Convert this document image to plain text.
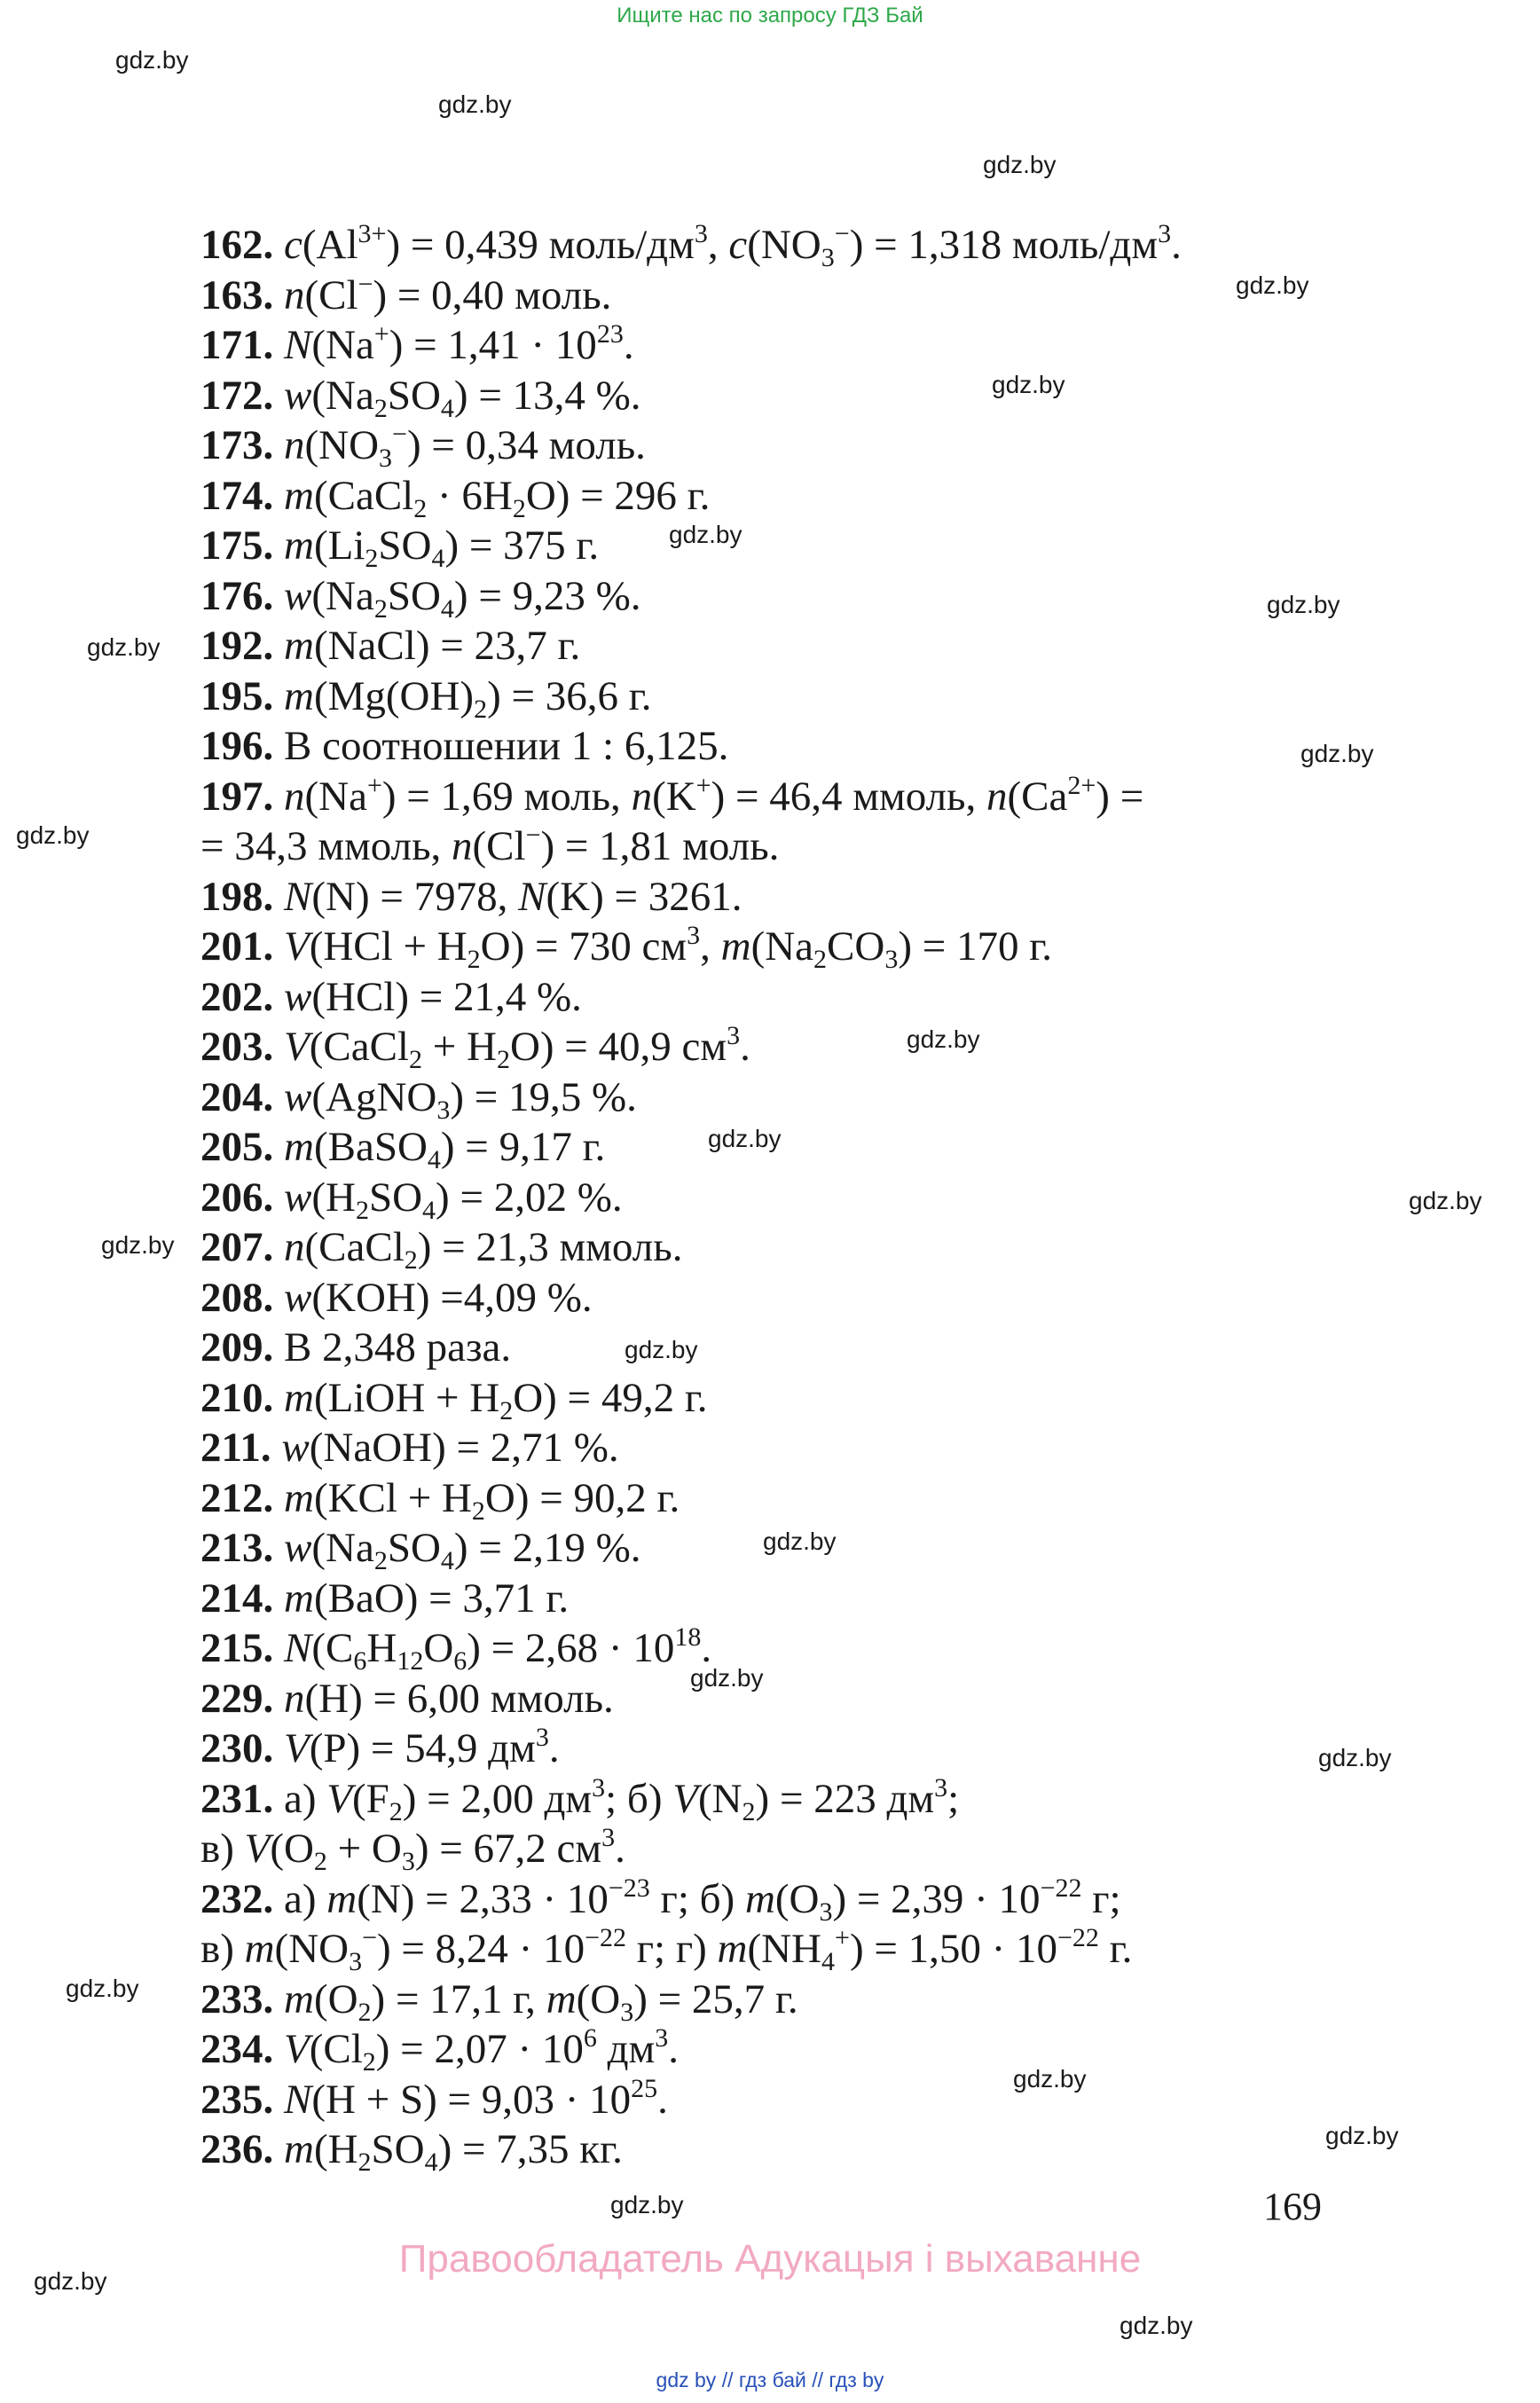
Ищите нас по запросу ГДЗ Бай
gdz.by
gdz.by
gdz.by
gdz.by
gdz.by
gdz.by
gdz.by
gdz.by
gdz.by
gdz.by
gdz.by
gdz.by
gdz.by
gdz.by
gdz.by
gdz.by
gdz.by
gdz.by
gdz.by
gdz.by
gdz.by
gdz.by
gdz.by
gdz.by
162. $c(Al^{3+}) = 0,439$ моль/$дм^3$, $c(NO_3^-) = 1,318$ моль/$дм^3$.
163. n(Cl−) = 0,40 моль.
171. $N(Na^+) = 1,41 \cdot 10^{23}$.
172. $w(Na_2SO_4) = 13,4$ %.
173. $n(NO_3^-) = 0,34$ моль.
174. m(CaCl$_2$ · $6H_2O) = 296$ г.
175. $m(Li_2SO_4) = 375$ г.
176. $w(Na_2SO_4) = 9,23$ %.
192. m(NaCl) = 23,7 г.
195. $m(Mg(OH)_2) = 36,6$ г.
196. В соотношении 1 : 6,125.
197. n(Na+) = 1,69 моль, n(K+) = 46,4 ммоль, $n(Ca^{2+})$ =
= 34,3 ммоль, n(Cl−) = 1,81 моль.
198. N(N) = 7978, N(K) = 3261.
201. $V(HCl + H_2O) = 730$ $см^3$, $m(Na_2CO_3) = 170$ г.
202. w(HCl) = 21,4 %.
203. V(CaCl$_2$ + $H_2O) = 40,9$ $см^3$.
204. w(AgNO$_3$) = 19,5 %.
205. m(BaSO$_4$) = 9,17 г.
206. $w(H_2SO_4) = 2,02$ %.
207. n(CaCl$_2$) = 21,3 ммоль.
208. w(KOH) =4,09 %.
209. В 2,348 раза.
210. m(LiOH + $H_2O) = 49,2$ г.
211. w(NaOH) = 2,71 %.
212. $m(KCl + H_2O) = 90,2$ г.
213. $w(Na_2SO_4) = 2,19$ %.
214. m(BaO) = 3,71 г.
215. $N(C_6H_{12}O_6) = 2,68 \cdot 10^{18}$.
229. n(H) = 6,00 ммоль.
230. V(P) = 54,9 $дм^3$.
231. а) $V(F_2) = 2,00$ $дм^3$; б) $V(N_2) = 223$ $дм^3$;
в) $V(O_2 + O_3) = 67,2$ $см^3$.
232. а) $m(N) = 2,33 \cdot 10^{-23}$ г; б) $m(O_3) = 2,39 \cdot 10^{-22}$ г;
в) $m(NO_3^-) = 8,24 \cdot 10^{-22}$ г; г) $m(NH_4^+) = 1,50 \cdot 10^{-22}$ г.
233. $m(O_2) = 17,1$ г, $m(O_3) = 25,7$ г.
234. $V(Cl_2) = 2,07 \cdot 10^6$ $дм^3$.
235. $N(H + S) = 9,03 \cdot 10^{25}$.
236. $m(H_2SO_4) = 7,35$ кг.
169
Правообладатель Адукацыя і выхаванне
gdz by // гдз бай // гдз by
